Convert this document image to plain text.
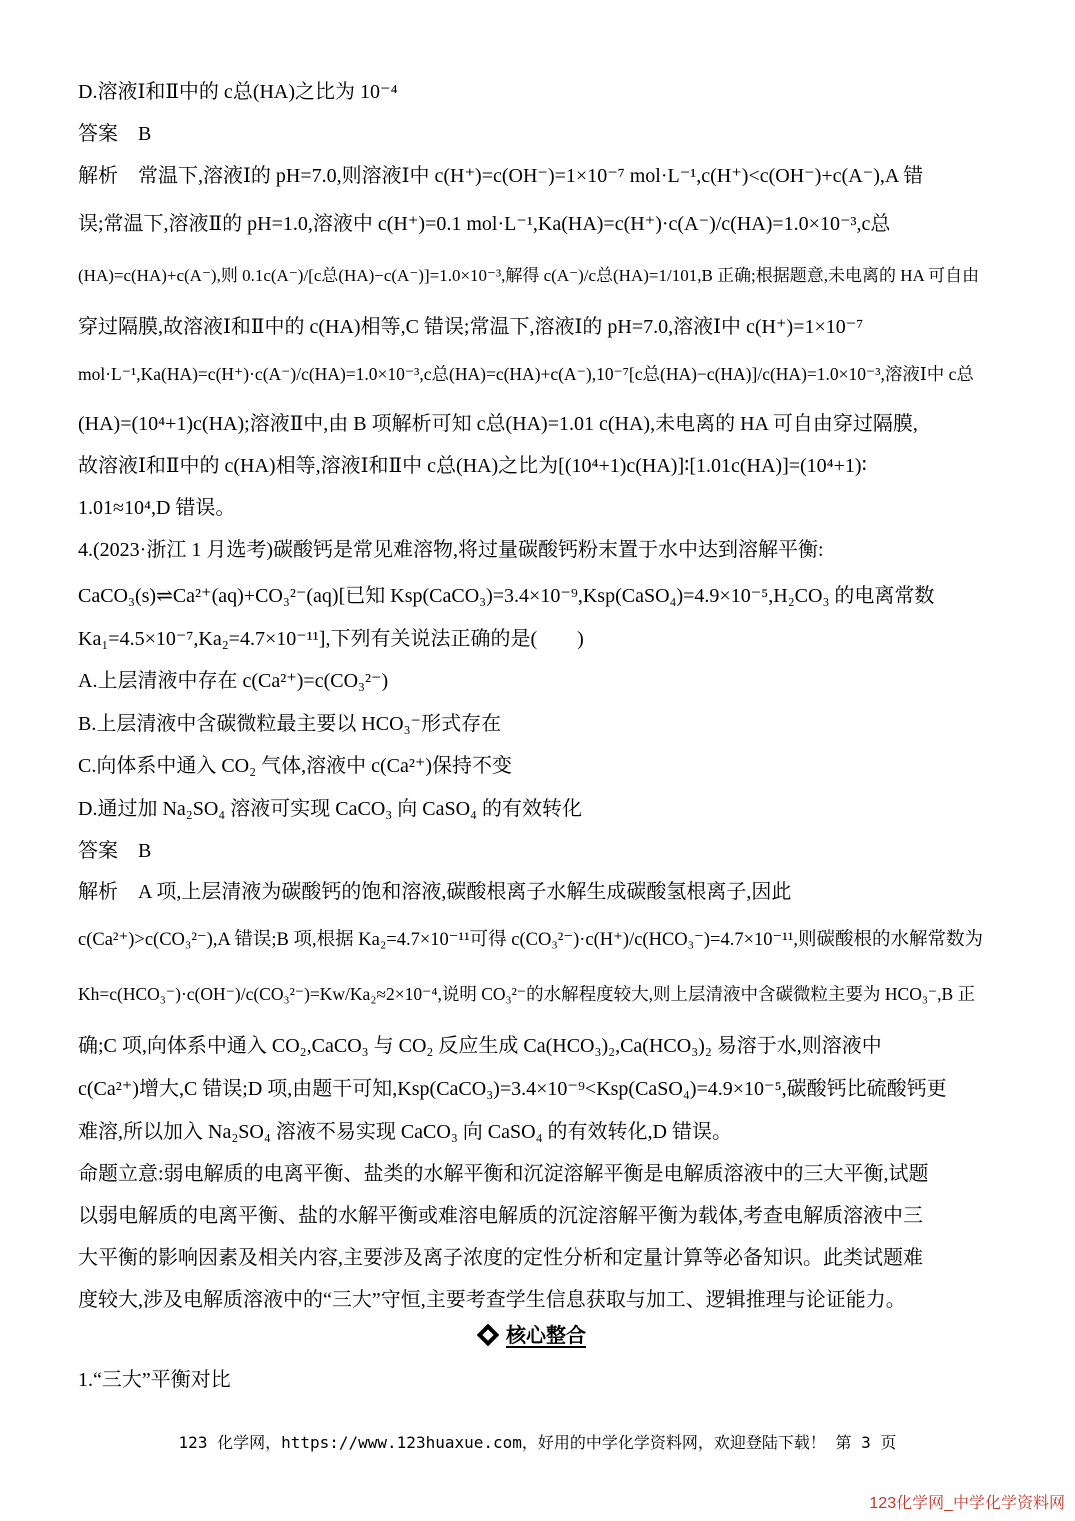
D.溶液Ⅰ和Ⅱ中的 c总(HA)之比为 10⁻⁴
答案　B
解析　常温下,溶液Ⅰ的 pH=7.0,则溶液Ⅰ中 c(H⁺)=c(OH⁻)=1×10⁻⁷ mol·L⁻¹,c(H⁺)<c(OH⁻)+c(A⁻),A 错
误;常温下,溶液Ⅱ的 pH=1.0,溶液中 c(H⁺)=0.1 mol·L⁻¹,Ka(HA)=c(H⁺)·c(A⁻)/c(HA)=1.0×10⁻³,c总
(HA)=c(HA)+c(A⁻),则 0.1c(A⁻)/[c总(HA)−c(A⁻)]=1.0×10⁻³,解得 c(A⁻)/c总(HA)=1/101,B 正确;根据题意,未电离的 HA 可自由
穿过隔膜,故溶液Ⅰ和Ⅱ中的 c(HA)相等,C 错误;常温下,溶液Ⅰ的 pH=7.0,溶液Ⅰ中 c(H⁺)=1×10⁻⁷
mol·L⁻¹,Ka(HA)=c(H⁺)·c(A⁻)/c(HA)=1.0×10⁻³,c总(HA)=c(HA)+c(A⁻),10⁻⁷[c总(HA)−c(HA)]/c(HA)=1.0×10⁻³,溶液Ⅰ中 c总
(HA)=(10⁴+1)c(HA);溶液Ⅱ中,由 B 项解析可知 c总(HA)=1.01 c(HA),未电离的 HA 可自由穿过隔膜,
故溶液Ⅰ和Ⅱ中的 c(HA)相等,溶液Ⅰ和Ⅱ中 c总(HA)之比为[(10⁴+1)c(HA)]∶[1.01c(HA)]=(10⁴+1)∶
1.01≈10⁴,D 错误。
4.(2023·浙江 1 月选考)碳酸钙是常见难溶物,将过量碳酸钙粉末置于水中达到溶解平衡:
CaCO₃(s)⇌Ca²⁺(aq)+CO₃²⁻(aq)[已知 Ksp(CaCO₃)=3.4×10⁻⁹,Ksp(CaSO₄)=4.9×10⁻⁵,H₂CO₃ 的电离常数
Ka₁=4.5×10⁻⁷,Ka₂=4.7×10⁻¹¹],下列有关说法正确的是(　　)
A.上层清液中存在 c(Ca²⁺)=c(CO₃²⁻)
B.上层清液中含碳微粒最主要以 HCO₃⁻形式存在
C.向体系中通入 CO₂ 气体,溶液中 c(Ca²⁺)保持不变
D.通过加 Na₂SO₄ 溶液可实现 CaCO₃ 向 CaSO₄ 的有效转化
答案　B
解析　A 项,上层清液为碳酸钙的饱和溶液,碳酸根离子水解生成碳酸氢根离子,因此
c(Ca²⁺)>c(CO₃²⁻),A 错误;B 项,根据 Ka₂=4.7×10⁻¹¹可得 c(CO₃²⁻)·c(H⁺)/c(HCO₃⁻)=4.7×10⁻¹¹,则碳酸根的水解常数为
Kh=c(HCO₃⁻)·c(OH⁻)/c(CO₃²⁻)=Kw/Ka₂≈2×10⁻⁴,说明 CO₃²⁻的水解程度较大,则上层清液中含碳微粒主要为 HCO₃⁻,B 正
确;C 项,向体系中通入 CO₂,CaCO₃ 与 CO₂ 反应生成 Ca(HCO₃)₂,Ca(HCO₃)₂ 易溶于水,则溶液中
c(Ca²⁺)增大,C 错误;D 项,由题干可知,Ksp(CaCO₃)=3.4×10⁻⁹<Ksp(CaSO₄)=4.9×10⁻⁵,碳酸钙比硫酸钙更
难溶,所以加入 Na₂SO₄ 溶液不易实现 CaCO₃ 向 CaSO₄ 的有效转化,D 错误。
命题立意:弱电解质的电离平衡、盐类的水解平衡和沉淀溶解平衡是电解质溶液中的三大平衡,试题
以弱电解质的电离平衡、盐的水解平衡或难溶电解质的沉淀溶解平衡为载体,考查电解质溶液中三
大平衡的影响因素及相关内容,主要涉及离子浓度的定性分析和定量计算等必备知识。此类试题难
度较大,涉及电解质溶液中的“三大”守恒,主要考查学生信息获取与加工、逻辑推理与论证能力。
核心整合
1.“三大”平衡对比
123 化学网，https://www.123huaxue.com，好用的中学化学资料网，欢迎登陆下载！ 第 3 页
123化学网_中学化学资料网
